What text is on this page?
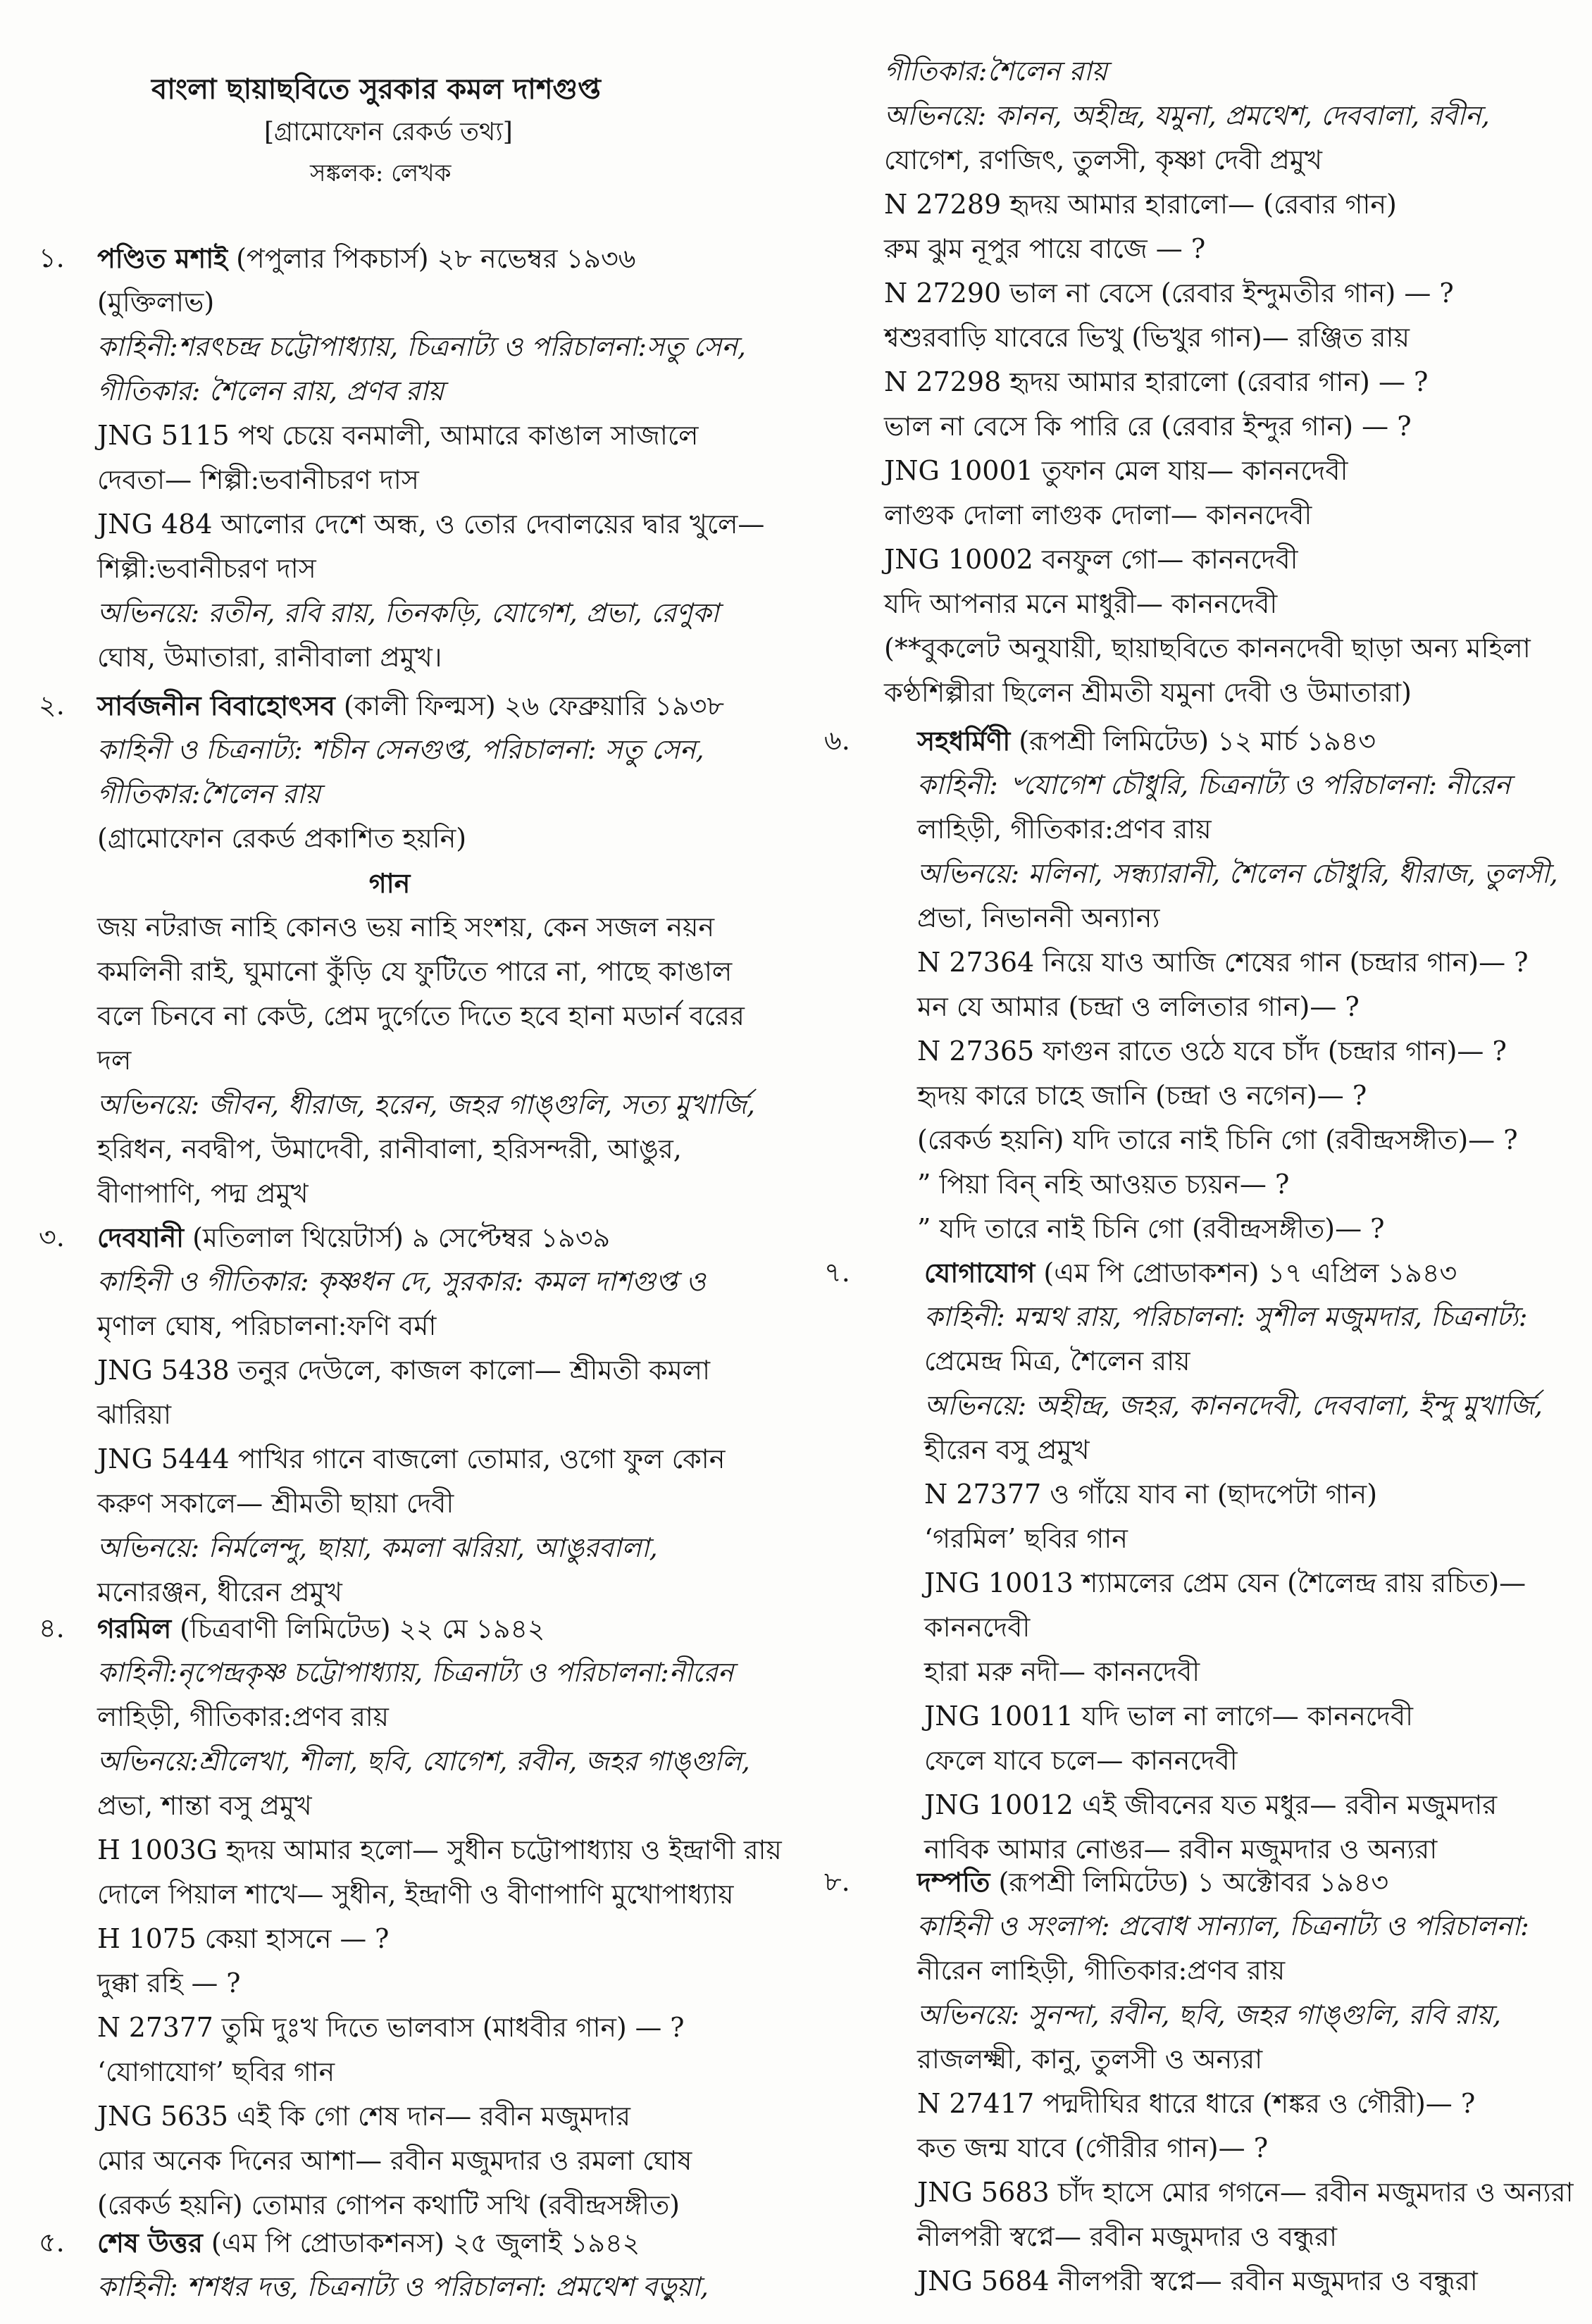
বাংলা ছায়াছবিতে সুরকার কমল দাশগুপ্ত
[গ্রামোফোন রেকর্ড তথ্য]
সঙ্কলক: লেখক
১. পণ্ডিত মশাই (পপুলার পিকচার্স) ২৮ নভেম্বর ১৯৩৬
(মুক্তিলাভ)
কাহিনী:শরৎচন্দ্র চট্টোপাধ্যায়, চিত্রনাট্য ও পরিচালনা:সতু সেন,
গীতিকার: শৈলেন রায়, প্রণব রায়
JNG 5115 পথ চেয়ে বনমালী, আমারে কাঙাল সাজালে
দেবতা— শিল্পী:ভবানীচরণ দাস
JNG 484 আলোর দেশে অন্ধ, ও তোর দেবালয়ের দ্বার খুলে—
শিল্পী:ভবানীচরণ দাস
অভিনয়ে: রতীন, রবি রায়, তিনকড়ি, যোগেশ, প্রভা, রেণুকা
ঘোষ, উমাতারা, রানীবালা প্রমুখ।
২. সার্বজনীন বিবাহোৎসব (কালী ফিল্মস) ২৬ ফেব্রুয়ারি ১৯৩৮
কাহিনী ও চিত্রনাট্য: শচীন সেনগুপ্ত, পরিচালনা: সতু সেন,
গীতিকার:শৈলেন রায়
(গ্রামোফোন রেকর্ড প্রকাশিত হয়নি)
গান
জয় নটরাজ নাহি কোনও ভয় নাহি সংশয়, কেন সজল নয়ন
কমলিনী রাই, ঘুমানো কুঁড়ি যে ফুটিতে পারে না, পাছে কাঙাল
বলে চিনবে না কেউ, প্রেম দুর্গেতে দিতে হবে হানা মডার্ন বরের
দল
অভিনয়ে: জীবন, ধীরাজ, হরেন, জহর গাঙ্গুলি, সত্য মুখার্জি,
হরিধন, নবদ্বীপ, উমাদেবী, রানীবালা, হরিসন্দরী, আঙুর,
বীণাপাণি, পদ্ম প্রমুখ
৩. দেবযানী (মতিলাল থিয়েটার্স) ৯ সেপ্টেম্বর ১৯৩৯
কাহিনী ও গীতিকার: কৃষ্ণধন দে, সুরকার: কমল দাশগুপ্ত ও
মৃণাল ঘোষ, পরিচালনা:ফণি বর্মা
JNG 5438 তনুর দেউলে, কাজল কালো— শ্রীমতী কমলা
ঝারিয়া
JNG 5444 পাখির গানে বাজলো তোমার, ওগো ফুল কোন
করুণ সকালে— শ্রীমতী ছায়া দেবী
অভিনয়ে: নির্মলেন্দু, ছায়া, কমলা ঝরিয়া, আঙুরবালা,
মনোরঞ্জন, ধীরেন প্রমুখ
৪. গরমিল (চিত্রবাণী লিমিটেড) ২২ মে ১৯৪২
কাহিনী:নৃপেন্দ্রকৃষ্ণ চট্টোপাধ্যায়, চিত্রনাট্য ও পরিচালনা:নীরেন
লাহিড়ী, গীতিকার:প্রণব রায়
অভিনয়ে:শ্রীলেখা, শীলা, ছবি, যোগেশ, রবীন, জহর গাঙ্গুলি,
প্রভা, শান্তা বসু প্রমুখ
H 1003G হৃদয় আমার হলো— সুধীন চট্টোপাধ্যায় ও ইন্দ্রাণী রায়
দোলে পিয়াল শাখে— সুধীন, ইন্দ্রাণী ও বীণাপাণি মুখোপাধ্যায়
H 1075 কেয়া হাসনে — ?
দুক্কা রহি — ?
N 27377 তুমি দুঃখ দিতে ভালবাস (মাধবীর গান) — ?
‘যোগাযোগ’ ছবির গান
JNG 5635 এই কি গো শেষ দান— রবীন মজুমদার
মোর অনেক দিনের আশা— রবীন মজুমদার ও রমলা ঘোষ
(রেকর্ড হয়নি) তোমার গোপন কথাটি সখি (রবীন্দ্রসঙ্গীত)
৫. শেষ উত্তর (এম পি প্রোডাকশনস) ২৫ জুলাই ১৯৪২
কাহিনী: শশধর দত্ত, চিত্রনাট্য ও পরিচালনা: প্রমথেশ বড়ুয়া,
গীতিকার:শৈলেন রায়
অভিনয়ে: কানন, অহীন্দ্র, যমুনা, প্রমথেশ, দেববালা, রবীন,
যোগেশ, রণজিৎ, তুলসী, কৃষ্ণা দেবী প্রমুখ
N 27289 হৃদয় আমার হারালো— (রেবার গান)
রুম ঝুম নূপুর পায়ে বাজে — ?
N 27290 ভাল না বেসে (রেবার ইন্দুমতীর গান) — ?
শ্বশুরবাড়ি যাবেরে ভিখু (ভিখুর গান)— রঞ্জিত রায়
N 27298 হৃদয় আমার হারালো (রেবার গান) — ?
ভাল না বেসে কি পারি রে (রেবার ইন্দুর গান) — ?
JNG 10001 তুফান মেল যায়— কাননদেবী
লাগুক দোলা লাগুক দোলা— কাননদেবী
JNG 10002 বনফুল গো— কাননদেবী
যদি আপনার মনে মাধুরী— কাননদেবী
(**বুকলেট অনুযায়ী, ছায়াছবিতে কাননদেবী ছাড়া অন্য মহিলা
কণ্ঠশিল্পীরা ছিলেন শ্রীমতী যমুনা দেবী ও উমাতারা)
৬.	সহধর্মিণী (রূপশ্রী লিমিটেড) ১২ মার্চ ১৯৪৩
কাহিনী: ৺যোগেশ চৌধুরি, চিত্রনাট্য ও পরিচালনা: নীরেন
লাহিড়ী, গীতিকার:প্রণব রায়
অভিনয়ে: মলিনা, সন্ধ্যারানী, শৈলেন চৌধুরি, ধীরাজ, তুলসী,
প্রভা, নিভাননী অন্যান্য
N 27364 নিয়ে যাও আজি শেষের গান (চন্দ্রার গান)— ?
মন যে আমার (চন্দ্রা ও ললিতার গান)— ?
N 27365 ফাগুন রাতে ওঠে যবে চাঁদ (চন্দ্রার গান)— ?
হৃদয় কারে চাহে জানি (চন্দ্রা ও নগেন)— ?
(রেকর্ড হয়নি) যদি তারে নাই চিনি গো (রবীন্দ্রসঙ্গীত)— ?
” পিয়া বিন্ নহি আওয়ত চ্যয়ন— ?
” যদি তারে নাই চিনি গো (রবীন্দ্রসঙ্গীত)— ?
৭.	যোগাযোগ (এম পি প্রোডাকশন) ১৭ এপ্রিল ১৯৪৩
কাহিনী: মন্মথ রায়, পরিচালনা: সুশীল মজুমদার, চিত্রনাট্য:
প্রেমেন্দ্র মিত্র, শৈলেন রায়
অভিনয়ে: অহীন্দ্র, জহর, কাননদেবী, দেববালা, ইন্দু মুখার্জি,
হীরেন বসু প্রমুখ
N 27377 ও গাঁয়ে যাব না (ছাদপেটা গান)
‘গরমিল’ ছবির গান
JNG 10013 শ্যামলের প্রেম যেন (শৈলেন্দ্র রায় রচিত)—
কাননদেবী
হারা মরু নদী— কাননদেবী
JNG 10011 যদি ভাল না লাগে— কাননদেবী
ফেলে যাবে চলে— কাননদেবী
JNG 10012 এই জীবনের যত মধুর— রবীন মজুমদার
নাবিক আমার নোঙর— রবীন মজুমদার ও অন্যরা
৮.	দম্পতি (রূপশ্রী লিমিটেড) ১ অক্টোবর ১৯৪৩
কাহিনী ও সংলাপ: প্রবোধ সান্যাল, চিত্রনাট্য ও পরিচালনা:
নীরেন লাহিড়ী, গীতিকার:প্রণব রায়
অভিনয়ে: সুনন্দা, রবীন, ছবি, জহর গাঙ্গুলি, রবি রায়,
রাজলক্ষ্মী, কানু, তুলসী ও অন্যরা
N 27417 পদ্মদীঘির ধারে ধারে (শঙ্কর ও গৌরী)— ?
কত জন্ম যাবে (গৌরীর গান)— ?
JNG 5683 চাঁদ হাসে মোর গগনে— রবীন মজুমদার ও অন্যরা
নীলপরী স্বপ্নে— রবীন মজুমদার ও বন্ধুরা
JNG 5684 নীলপরী স্বপ্নে— রবীন মজুমদার ও বন্ধুরা
